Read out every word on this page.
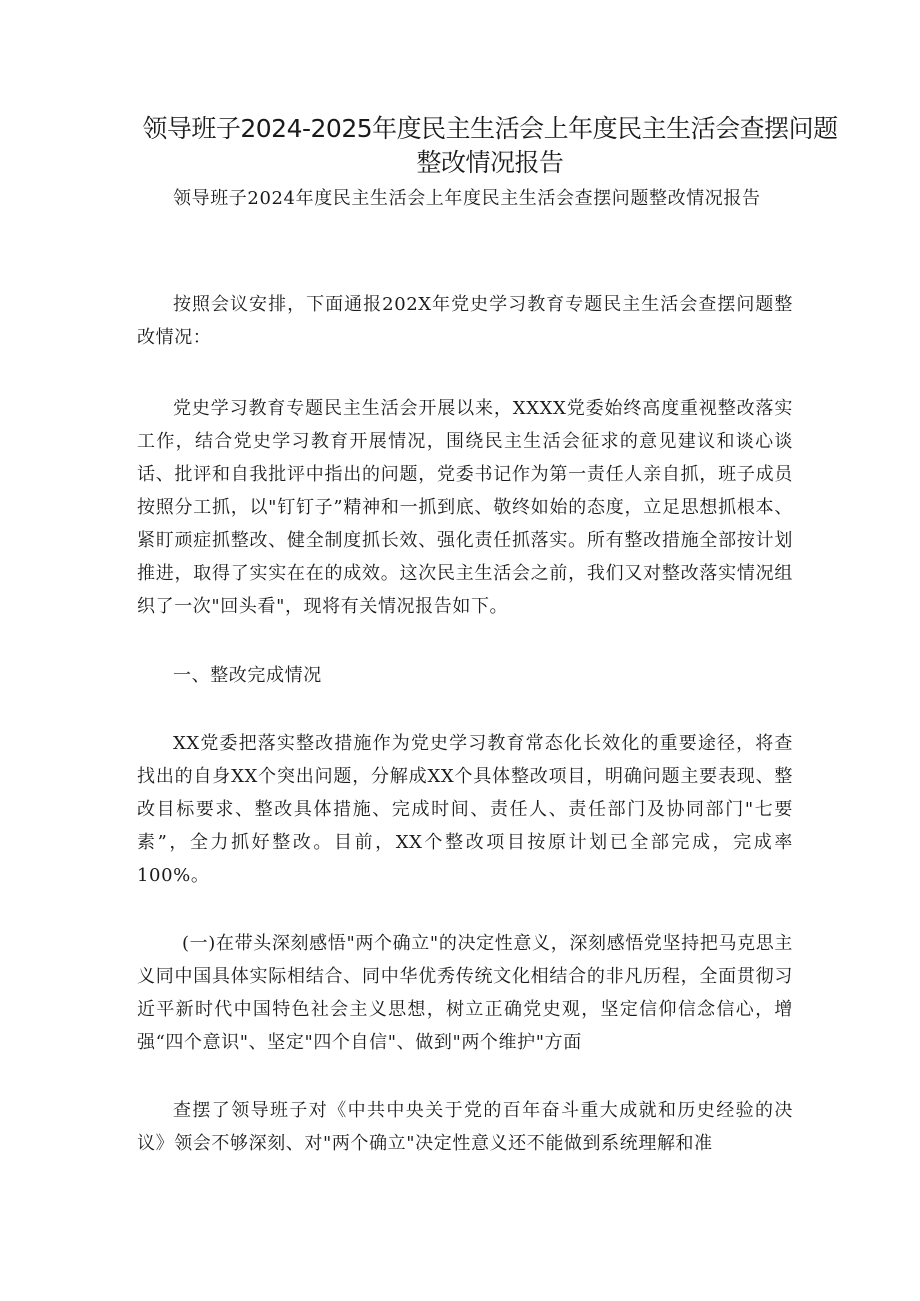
领导班子2024-2025年度民主生活会上年度民主生活会查摆问题整改情况报告

领导班子2024年度民主生活会上年度民主生活会查摆问题整改情况报告

按照会议安排，下面通报202X年党史学习教育专题民主生活会查摆问题整改情况：

党史学习教育专题民主生活会开展以来，XXXX党委始终高度重视整改落实工作，结合党史学习教育开展情况，围绕民主生活会征求的意见建议和谈心谈话、批评和自我批评中指出的问题，党委书记作为第一责任人亲自抓，班子成员按照分工抓，以"钉钉子”精神和一抓到底、敬终如始的态度，立足思想抓根本、紧盯顽症抓整改、健全制度抓长效、强化责任抓落实。所有整改措施全部按计划推进，取得了实实在在的成效。这次民主生活会之前，我们又对整改落实情况组织了一次"回头看"，现将有关情况报告如下。

一、整改完成情况

XX党委把落实整改措施作为党史学习教育常态化长效化的重要途径，将查找出的自身XX个突出问题，分解成XX个具体整改项目，明确问题主要表现、整改目标要求、整改具体措施、完成时间、责任人、责任部门及协同部门"七要素”，全力抓好整改。目前，XX个整改项目按原计划已全部完成，完成率100%。

(一)在带头深刻感悟"两个确立"的决定性意义，深刻感悟党坚持把马克思主义同中国具体实际相结合、同中华优秀传统文化相结合的非凡历程，全面贯彻习近平新时代中国特色社会主义思想，树立正确党史观，坚定信仰信念信心，增强“四个意识"、坚定"四个自信"、做到"两个维护"方面

查摆了领导班子对《中共中央关于党的百年奋斗重大成就和历史经验的决议》领会不够深刻、对"两个确立"决定性意义还不能做到系统理解和准
